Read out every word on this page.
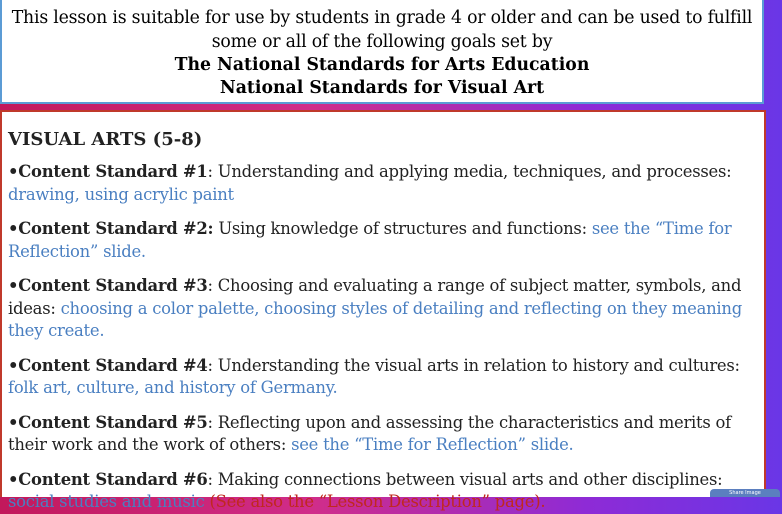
This lesson is suitable for use by students in grade 4 or older and can be used to fulfill some or all of the following goals set by
The National Standards for Arts Education
National Standards for Visual Art
VISUAL ARTS (5-8)
•Content Standard #1: Understanding and applying media, techniques, and processes: drawing, using acrylic paint
•Content Standard #2: Using knowledge of structures and functions: see the “Time for Reflection” slide.
•Content Standard #3: Choosing and evaluating a range of subject matter, symbols, and ideas: choosing a color palette, choosing styles of detailing and reflecting on they meaning they create.
•Content Standard #4: Understanding the visual arts in relation to history and cultures: folk art, culture, and history of Germany.
•Content Standard #5: Reflecting upon and assessing the characteristics and merits of their work and the work of others: see the “Time for Reflection” slide.
•Content Standard #6: Making connections between visual arts and other disciplines: social studies and music (See also the “Lesson Description” page).	Share Image
